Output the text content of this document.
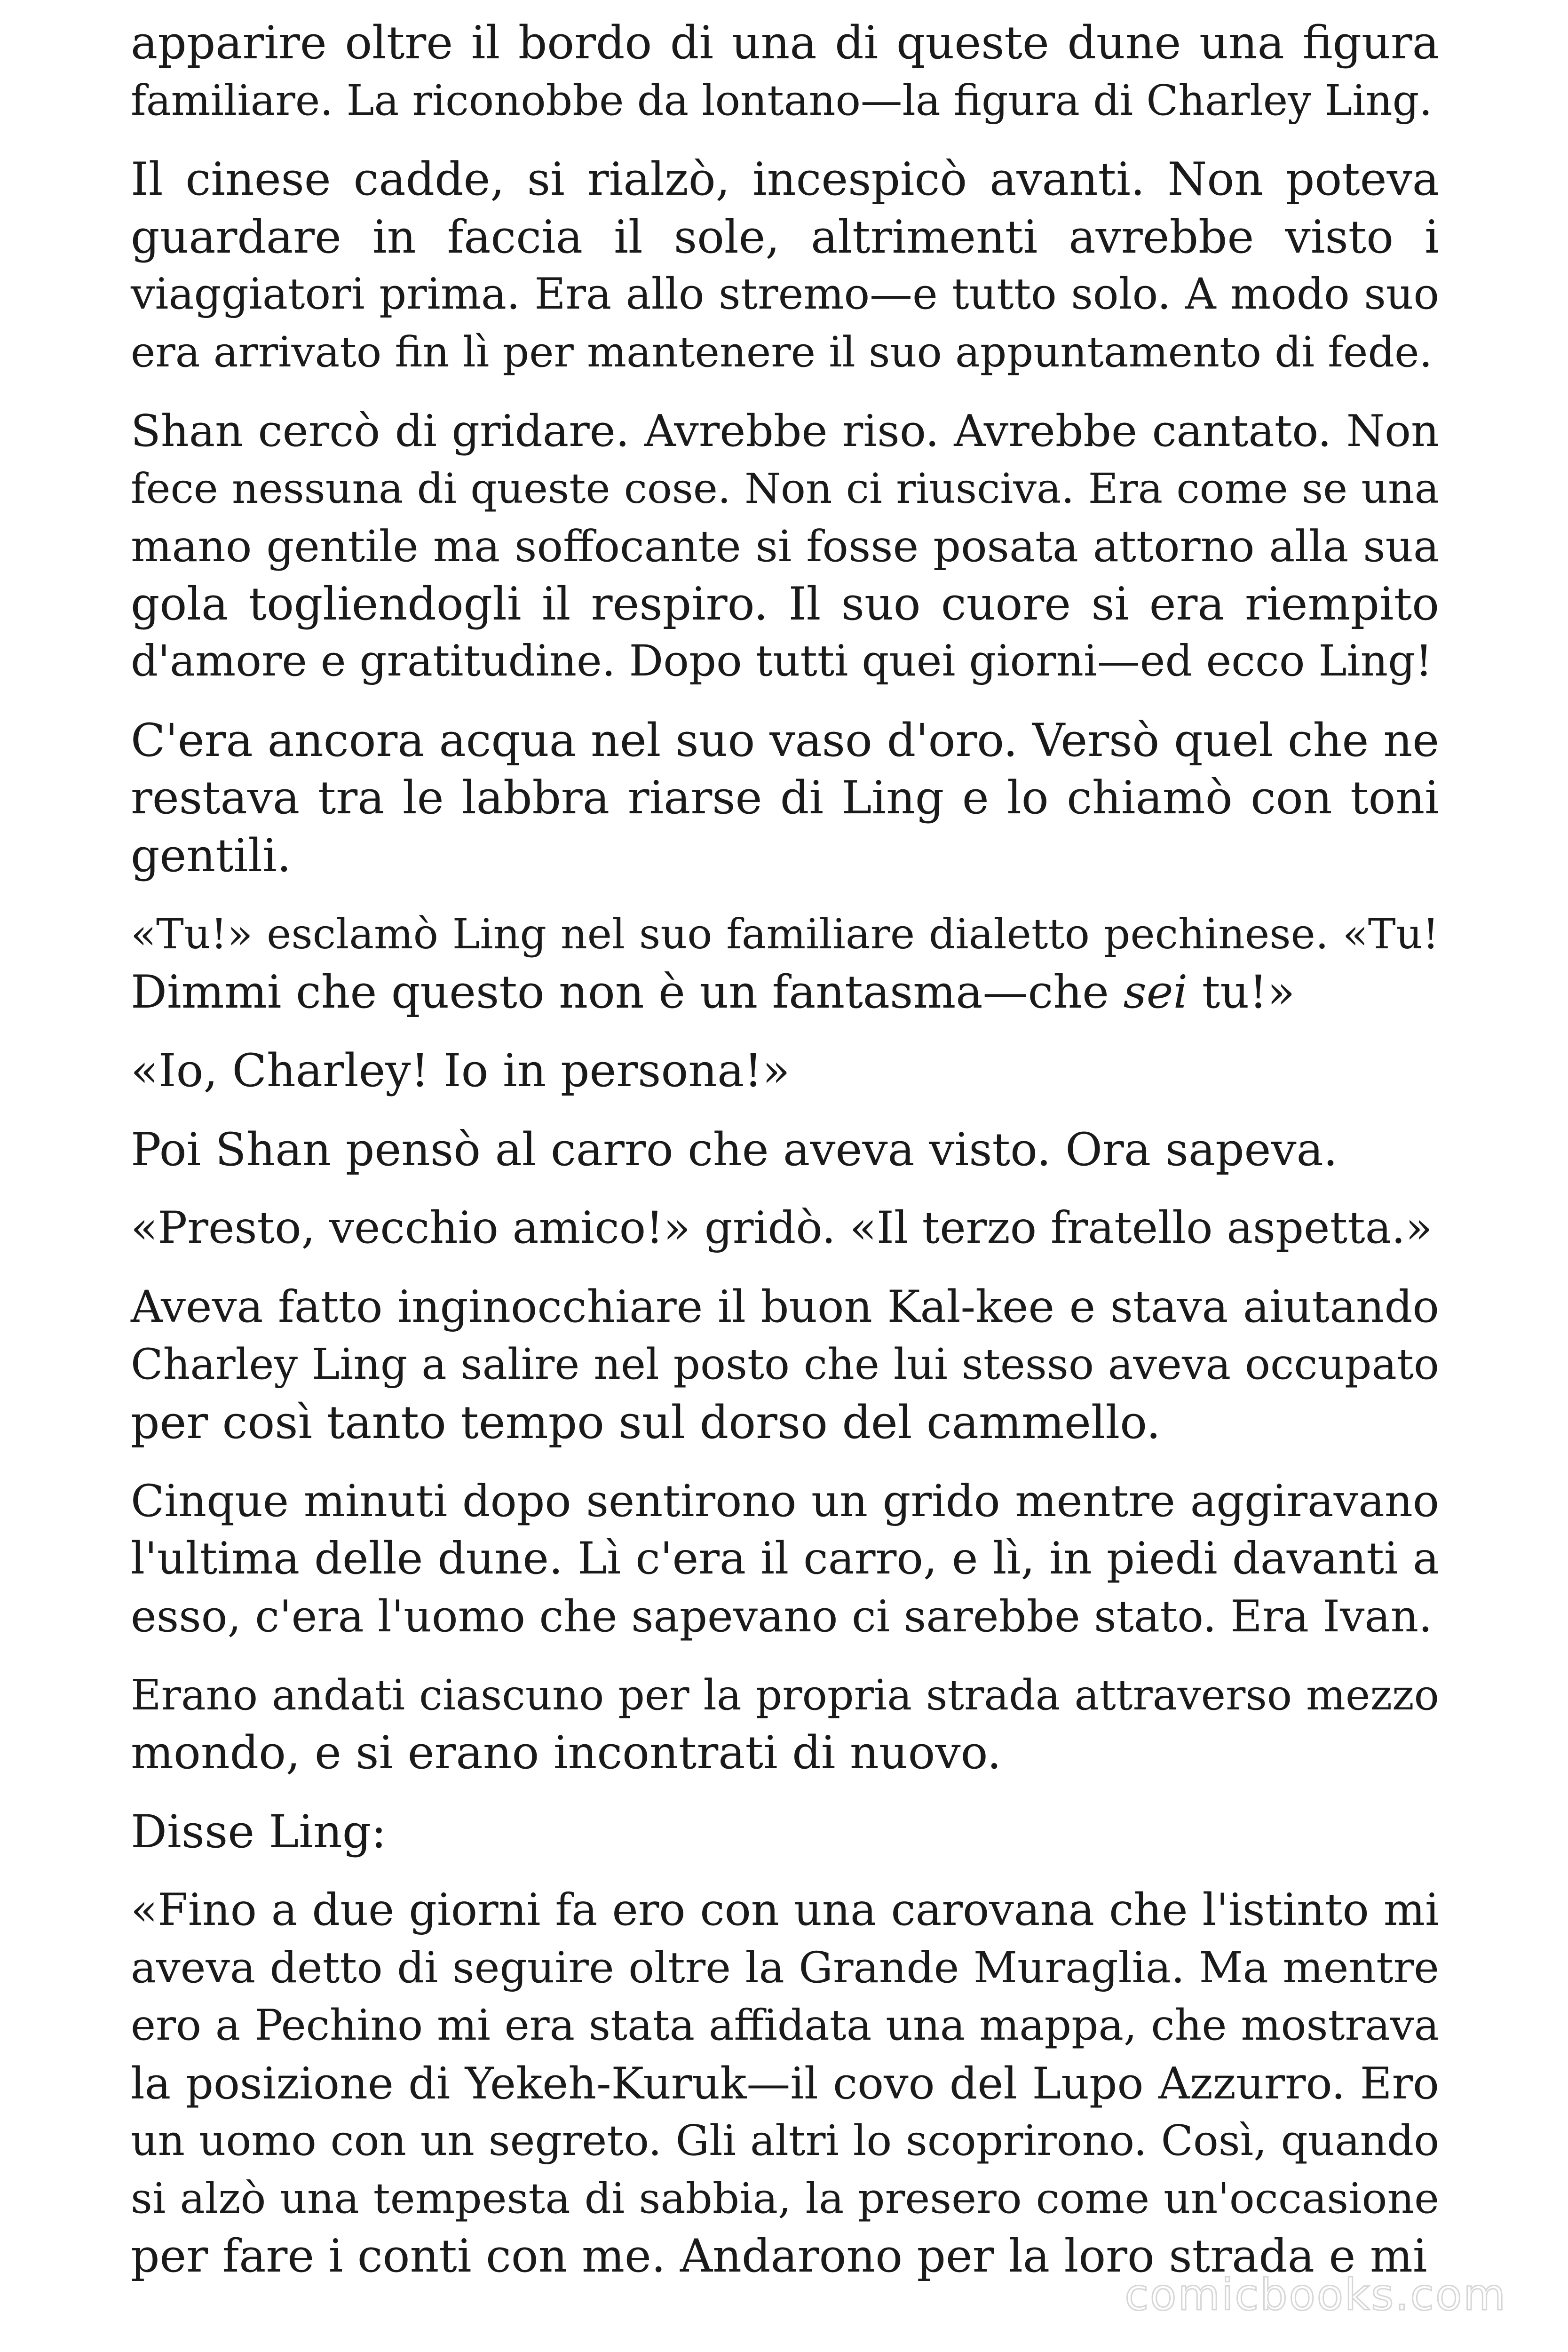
apparire oltre il bordo di una di queste dune una figura
familiare. La riconobbe da lontano—la figura di Charley Ling.
Il cinese cadde, si rialzò, incespicò avanti. Non poteva
guardare in faccia il sole, altrimenti avrebbe visto i
viaggiatori prima. Era allo stremo—e tutto solo. A modo suo
era arrivato fin lì per mantenere il suo appuntamento di fede.
Shan cercò di gridare. Avrebbe riso. Avrebbe cantato. Non
fece nessuna di queste cose. Non ci riusciva. Era come se una
mano gentile ma soffocante si fosse posata attorno alla sua
gola togliendogli il respiro. Il suo cuore si era riempito
d'amore e gratitudine. Dopo tutti quei giorni—ed ecco Ling!
C'era ancora acqua nel suo vaso d'oro. Versò quel che ne
restava tra le labbra riarse di Ling e lo chiamò con toni
gentili.
«Tu!» esclamò Ling nel suo familiare dialetto pechinese. «Tu!
Dimmi che questo non è un fantasma—che sei tu!»
«Io, Charley! Io in persona!»
Poi Shan pensò al carro che aveva visto. Ora sapeva.
«Presto, vecchio amico!» gridò. «Il terzo fratello aspetta.»
Aveva fatto inginocchiare il buon Kal-kee e stava aiutando
Charley Ling a salire nel posto che lui stesso aveva occupato
per così tanto tempo sul dorso del cammello.
Cinque minuti dopo sentirono un grido mentre aggiravano
l'ultima delle dune. Lì c'era il carro, e lì, in piedi davanti a
esso, c'era l'uomo che sapevano ci sarebbe stato. Era Ivan.
Erano andati ciascuno per la propria strada attraverso mezzo
mondo, e si erano incontrati di nuovo.
Disse Ling:
«Fino a due giorni fa ero con una carovana che l'istinto mi
aveva detto di seguire oltre la Grande Muraglia. Ma mentre
ero a Pechino mi era stata affidata una mappa, che mostrava
la posizione di Yekeh-Kuruk—il covo del Lupo Azzurro. Ero
un uomo con un segreto. Gli altri lo scoprirono. Così, quando
si alzò una tempesta di sabbia, la presero come un'occasione
per fare i conti con me. Andarono per la loro strada e mi
comicbooks.com
